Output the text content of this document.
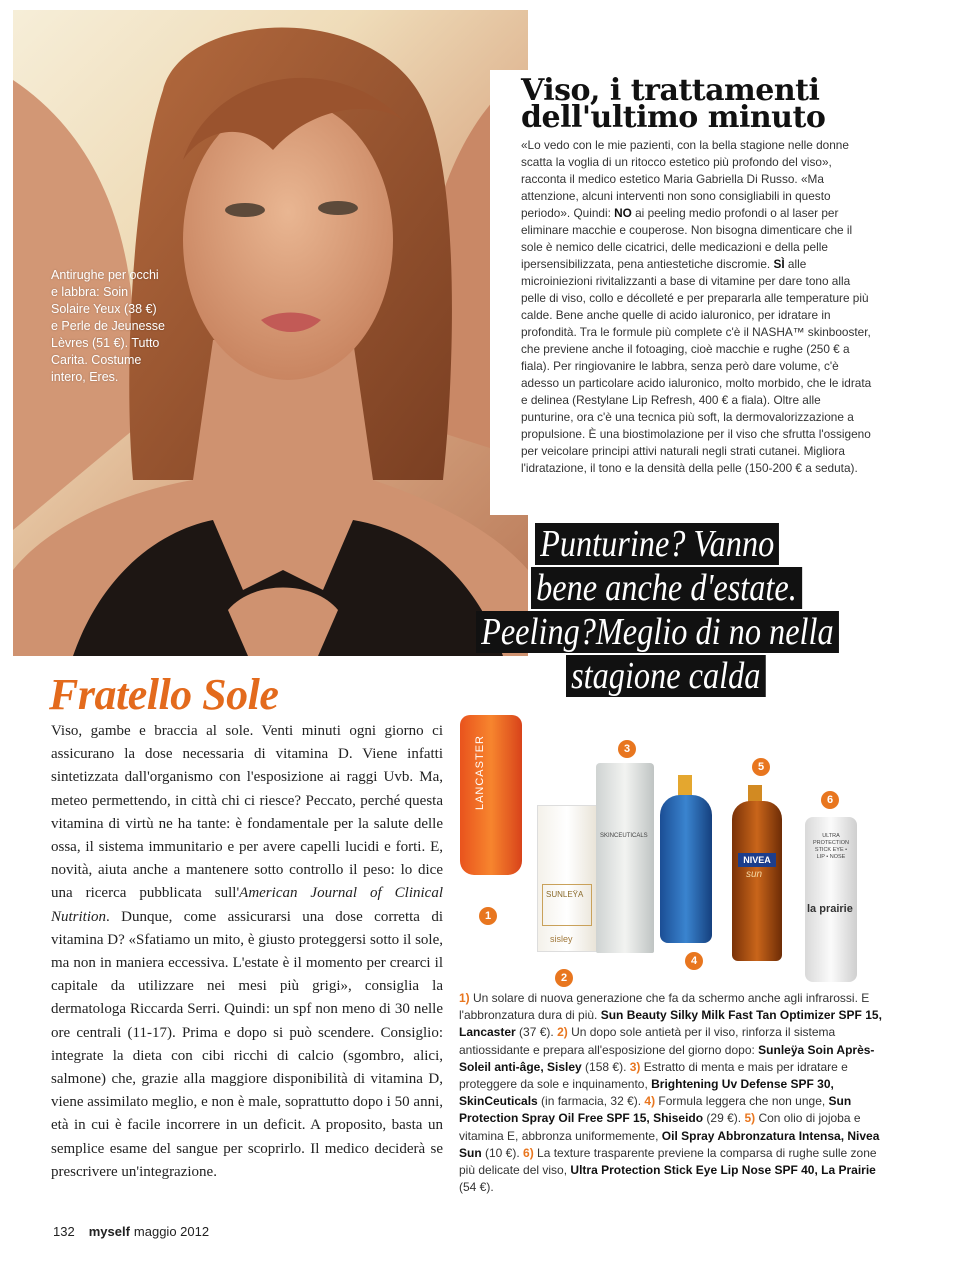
Antirughe per occhi e labbra: Soin Solaire Yeux (38 €) e Perle de Jeunesse Lèvres (51 €). Tutto Carita. Costume intero, Eres.
Viso, i trattamenti
dell'ultimo minuto
«Lo vedo con le mie pazienti, con la bella stagione nelle donne scatta la voglia di un ritocco estetico più profondo del viso», racconta il medico estetico Maria Gabriella Di Russo. «Ma attenzione, alcuni interventi non sono consigliabili in questo periodo». Quindi: NO ai peeling medio profondi o al laser per eliminare macchie e couperose. Non bisogna dimenticare che il sole è nemico delle cicatrici, delle medicazioni e della pelle ipersensibilizzata, pena antiestetiche discromie. SÌ alle microiniezioni rivitalizzanti a base di vitamine per dare tono alla pelle di viso, collo e décolleté e per prepararla alle temperature più calde. Bene anche quelle di acido ialuronico, per idratare in profondità. Tra le formule più complete c'è il NASHA™ skinbooster, che previene anche il fotoaging, cioè macchie e rughe (250 € a fiala). Per ringiovanire le labbra, senza però dare volume, c'è adesso un particolare acido ialuronico, molto morbido, che le idrata e delinea (Restylane Lip Refresh, 400 € a fiala). Oltre alle punturine, ora c'è una tecnica più soft, la dermovalorizzazione a propulsione. È una biostimolazione per il viso che sfrutta l'ossigeno per veicolare principi attivi naturali negli strati cutanei. Migliora l'idratazione, il tono e la densità della pelle (150-200 € a seduta).
Punturine? Vanno
bene anche d'estate.
Peeling?Meglio di no nella
stagione calda
Fratello Sole
Viso, gambe e braccia al sole. Venti minuti ogni giorno ci assicurano la dose necessaria di vitamina D. Viene infatti sintetizzata dall'organismo con l'esposizione ai raggi Uvb. Ma, meteo permettendo, in città chi ci riesce? Peccato, perché questa vitamina di virtù ne ha tante: è fondamentale per la salute delle ossa, il sistema immunitario e per avere capelli lucidi e forti. E, novità, aiuta anche a mantenere sotto controllo il peso: lo dice una ricerca pubblicata sull'American Journal of Clinical Nutrition. Dunque, come assicurarsi una dose corretta di vitamina D? «Sfatiamo un mito, è giusto proteggersi sotto il sole, ma non in maniera eccessiva. L'estate è il momento per crearci il capitale da utilizzare nei mesi più grigi», consiglia la dermatologa Riccarda Serri. Quindi: un spf non meno di 30 nelle ore centrali (11-17). Prima e dopo si può scendere. Consiglio: integrate la dieta con cibi ricchi di calcio (sgombro, alici, salmone) che, grazie alla maggiore disponibilità di vitamina D, viene assimilato meglio, e non è male, soprattutto dopo i 50 anni, età in cui è facile incorrere in un deficit. A proposito, basta un semplice esame del sangue per scoprirlo. Il medico deciderà se prescrivere un'integrazione.
LANCASTER
SUNLEŸA
sisley
SKINCEUTICALS
NIVEA
sun
ULTRA PROTECTION STICK EYE • LIP • NOSE
la prairie
1
2
3
4
5
6
1) Un solare di nuova generazione che fa da schermo anche agli infrarossi. E l'abbronzatura dura di più. Sun Beauty Silky Milk Fast Tan Optimizer SPF 15, Lancaster (37 €). 2) Un dopo sole antietà per il viso, rinforza il sistema antiossidante e prepara all'esposizione del giorno dopo: Sunleÿa Soin Après-Soleil anti-âge, Sisley (158 €). 3) Estratto di menta e mais per idratare e proteggere da sole e inquinamento, Brightening Uv Defense SPF 30, SkinCeuticals (in farmacia, 32 €). 4) Formula leggera che non unge, Sun Protection Spray Oil Free SPF 15, Shiseido (29 €). 5) Con olio di jojoba e vitamina E, abbronza uniformemente, Oil Spray Abbronzatura Intensa, Nivea Sun (10 €). 6) La texture trasparente previene la comparsa di rughe sulle zone più delicate del viso, Ultra Protection Stick Eye Lip Nose SPF 40, La Prairie (54 €).
132 myself maggio 2012
